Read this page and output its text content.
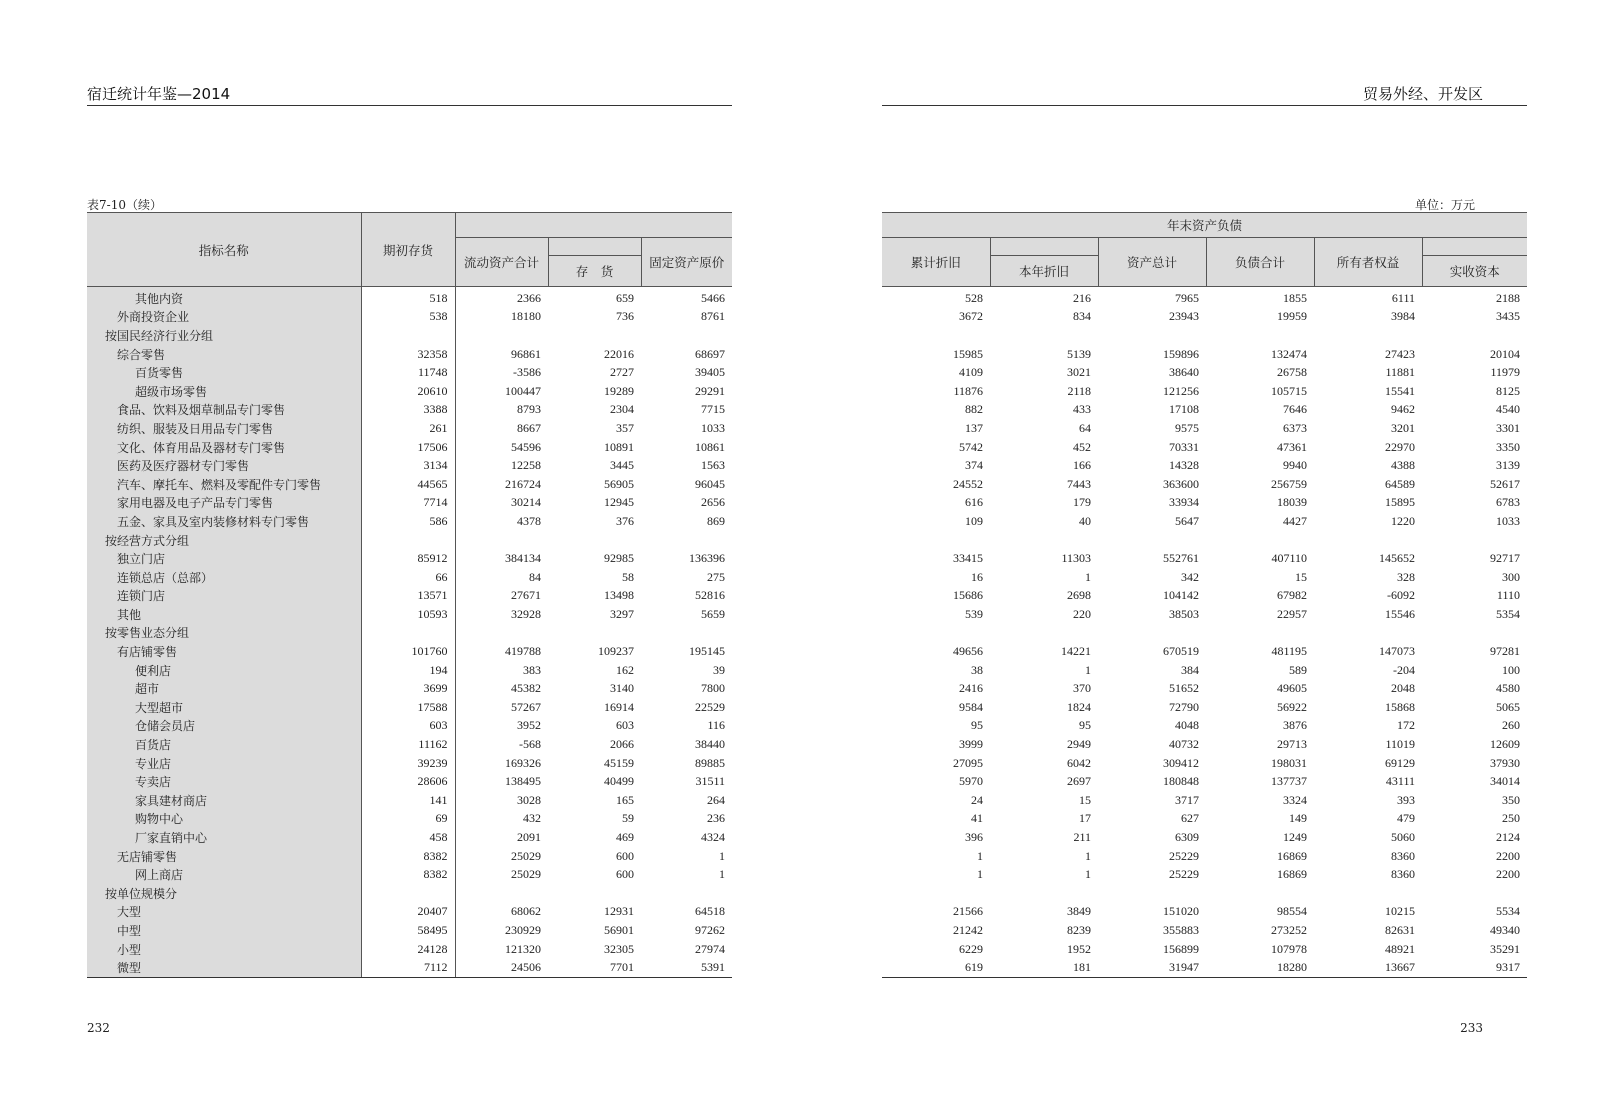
宿迁统计年鉴—2014	贸易外经、开发区
表7-10（续）	单位：万元
指标名称	期初存货			
		流动资产合计		固定资产原价
			存　货	
其他内资	518	2366	659	5466
外商投资企业	538	18180	736	8761
按国民经济行业分组				
综合零售	32358	96861	22016	68697
百货零售	11748	-3586	2727	39405
超级市场零售	20610	100447	19289	29291
食品、饮料及烟草制品专门零售	3388	8793	2304	7715
纺织、服装及日用品专门零售	261	8667	357	1033
文化、体育用品及器材专门零售	17506	54596	10891	10861
医药及医疗器材专门零售	3134	12258	3445	1563
汽车、摩托车、燃料及零配件专门零售	44565	216724	56905	96045
家用电器及电子产品专门零售	7714	30214	12945	2656
五金、家具及室内装修材料专门零售	586	4378	376	869
按经营方式分组				
独立门店	85912	384134	92985	136396
连锁总店（总部）	66	84	58	275
连锁门店	13571	27671	13498	52816
其他	10593	32928	3297	5659
按零售业态分组				
有店铺零售	101760	419788	109237	195145
便利店	194	383	162	39
超市	3699	45382	3140	7800
大型超市	17588	57267	16914	22529
仓储会员店	603	3952	603	116
百货店	11162	-568	2066	38440
专业店	39239	169326	45159	89885
专卖店	28606	138495	40499	31511
家具建材商店	141	3028	165	264
购物中心	69	432	59	236
厂家直销中心	458	2091	469	4324
无店铺零售	8382	25029	600	1
网上商店	8382	25029	600	1
按单位规模分				
大型	20407	68062	12931	64518
中型	58495	230929	56901	97262
小型	24128	121320	32305	27974
微型	7112	24506	7701	5391
年末资产负债					
累计折旧		资产总计	负债合计	所有者权益	
	本年折旧				实收资本
528	216	7965	1855	6111	2188
3672	834	23943	19959	3984	3435

15985	5139	159896	132474	27423	20104
4109	3021	38640	26758	11881	11979
11876	2118	121256	105715	15541	8125
882	433	17108	7646	9462	4540
137	64	9575	6373	3201	3301
5742	452	70331	47361	22970	3350
374	166	14328	9940	4388	3139
24552	7443	363600	256759	64589	52617
616	179	33934	18039	15895	6783
109	40	5647	4427	1220	1033

33415	11303	552761	407110	145652	92717
16	1	342	15	328	300
15686	2698	104142	67982	-6092	1110
539	220	38503	22957	15546	5354

49656	14221	670519	481195	147073	97281
38	1	384	589	-204	100
2416	370	51652	49605	2048	4580
9584	1824	72790	56922	15868	5065
95	95	4048	3876	172	260
3999	2949	40732	29713	11019	12609
27095	6042	309412	198031	69129	37930
5970	2697	180848	137737	43111	34014
24	15	3717	3324	393	350
41	17	627	149	479	250
396	211	6309	1249	5060	2124
1	1	25229	16869	8360	2200
1	1	25229	16869	8360	2200

21566	3849	151020	98554	10215	5534
21242	8239	355883	273252	82631	49340
6229	1952	156899	107978	48921	35291
619	181	31947	18280	13667	9317
232	233
